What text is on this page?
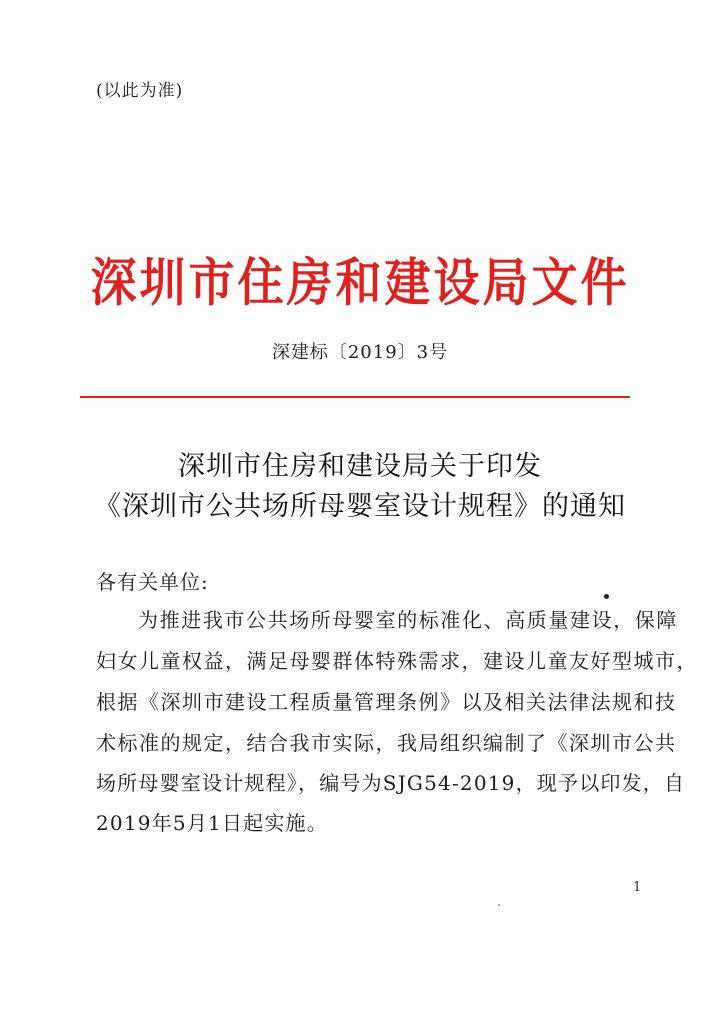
(以此为准)
深圳市住房和建设局文件
深建标〔2019〕3号
深圳市住房和建设局关于印发
《深圳市公共场所母婴室设计规程》的通知
各有关单位:
为推进我市公共场所母婴室的标准化、高质量建设，保障
妇女儿童权益，满足母婴群体特殊需求，建设儿童友好型城市，
根据《深圳市建设工程质量管理条例》以及相关法律法规和技
术标准的规定，结合我市实际，我局组织编制了《深圳市公共
场所母婴室设计规程》，编号为SJG54-2019，现予以印发，自
2019年5月1日起实施。
1
